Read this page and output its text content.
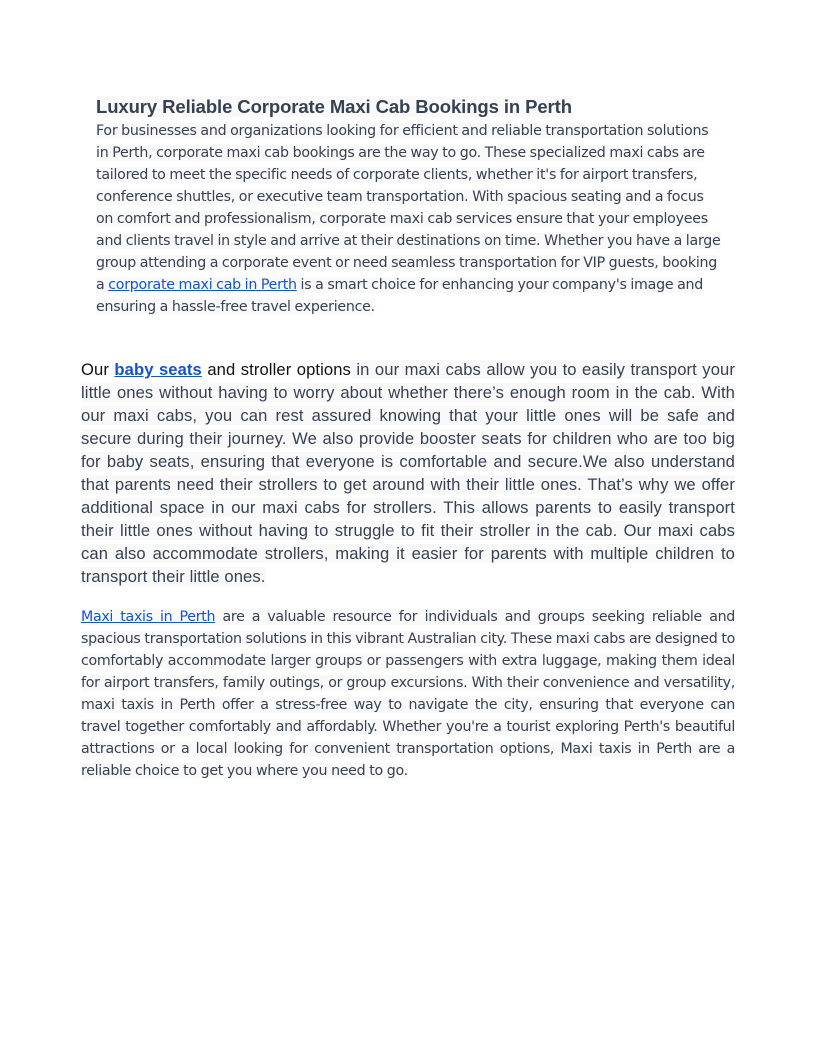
Luxury Reliable Corporate Maxi Cab Bookings in Perth

For businesses and organizations looking for efficient and reliable transportation solutions in Perth, corporate maxi cab bookings are the way to go. These specialized maxi cabs are tailored to meet the specific needs of corporate clients, whether it's for airport transfers, conference shuttles, or executive team transportation. With spacious seating and a focus on comfort and professionalism, corporate maxi cab services ensure that your employees and clients travel in style and arrive at their destinations on time. Whether you have a large group attending a corporate event or need seamless transportation for VIP guests, booking a corporate maxi cab in Perth is a smart choice for enhancing your company's image and ensuring a hassle-free travel experience.

Our baby seats and stroller options in our maxi cabs allow you to easily transport your little ones without having to worry about whether there’s enough room in the cab. With our maxi cabs, you can rest assured knowing that your little ones will be safe and secure during their journey. We also provide booster seats for children who are too big for baby seats, ensuring that everyone is comfortable and secure.We also understand that parents need their strollers to get around with their little ones. That’s why we offer additional space in our maxi cabs for strollers. This allows parents to easily transport their little ones without having to struggle to fit their stroller in the cab. Our maxi cabs can also accommodate strollers, making it easier for parents with multiple children to transport their little ones.

Maxi taxis in Perth are a valuable resource for individuals and groups seeking reliable and spacious transportation solutions in this vibrant Australian city. These maxi cabs are designed to comfortably accommodate larger groups or passengers with extra luggage, making them ideal for airport transfers, family outings, or group excursions. With their convenience and versatility, maxi taxis in Perth offer a stress-free way to navigate the city, ensuring that everyone can travel together comfortably and affordably. Whether you're a tourist exploring Perth's beautiful attractions or a local looking for convenient transportation options, Maxi taxis in Perth are a reliable choice to get you where you need to go.
